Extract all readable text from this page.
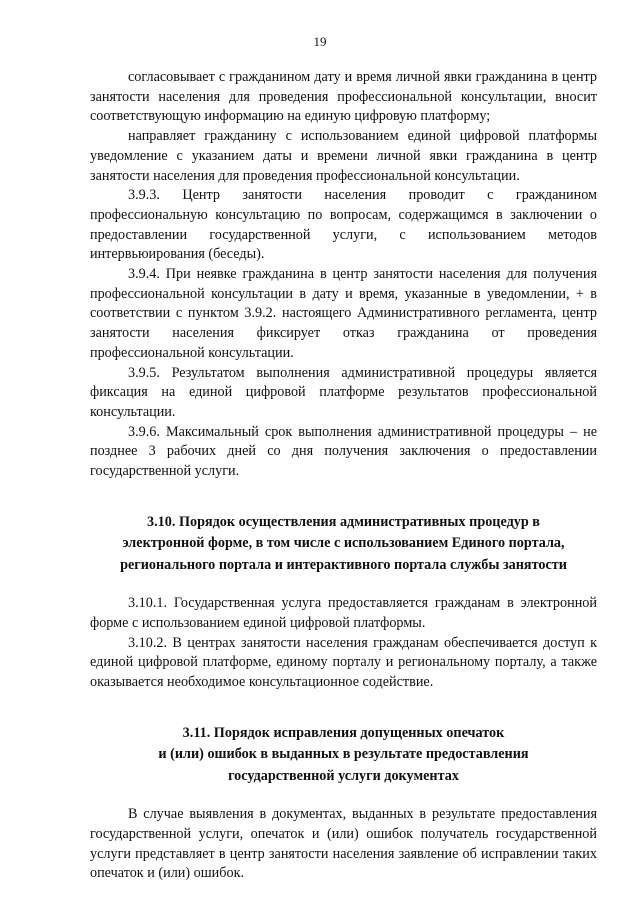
19

согласовывает с гражданином дату и время личной явки гражданина в центр занятости населения для проведения профессиональной консультации, вносит соответствующую информацию на единую цифровую платформу;

направляет гражданину с использованием единой цифровой платформы уведомление с указанием даты и времени личной явки гражданина в центр занятости населения для проведения профессиональной консультации.

3.9.3. Центр занятости населения проводит с гражданином профессиональную консультацию по вопросам, содержащимся в заключении о предоставлении государственной услуги, с использованием методов интервьюирования (беседы).

3.9.4. При неявке гражданина в центр занятости населения для получения профессиональной консультации в дату и время, указанные в уведомлении, + в соответствии с пунктом 3.9.2. настоящего Административного регламента, центр занятости населения фиксирует отказ гражданина от проведения профессиональной консультации.

3.9.5. Результатом выполнения административной процедуры является фиксация на единой цифровой платформе результатов профессиональной консультации.

3.9.6. Максимальный срок выполнения административной процедуры – не позднее 3 рабочих дней со дня получения заключения о предоставлении государственной услуги.

3.10. Порядок осуществления административных процедур в
электронной форме, в том числе с использованием Единого портала,
регионального портала и интерактивного портала службы занятости

3.10.1. Государственная услуга предоставляется гражданам в электронной форме с использованием единой цифровой платформы.

3.10.2. В центрах занятости населения гражданам обеспечивается доступ к единой цифровой платформе, единому порталу и региональному порталу, а также оказывается необходимое консультационное содействие.

3.11. Порядок исправления допущенных опечаток
и (или) ошибок в выданных в результате предоставления
государственной услуги документах

В случае выявления в документах, выданных в результате предоставления государственной услуги, опечаток и (или) ошибок получатель государственной услуги представляет в центр занятости населения заявление об исправлении таких опечаток и (или) ошибок.
